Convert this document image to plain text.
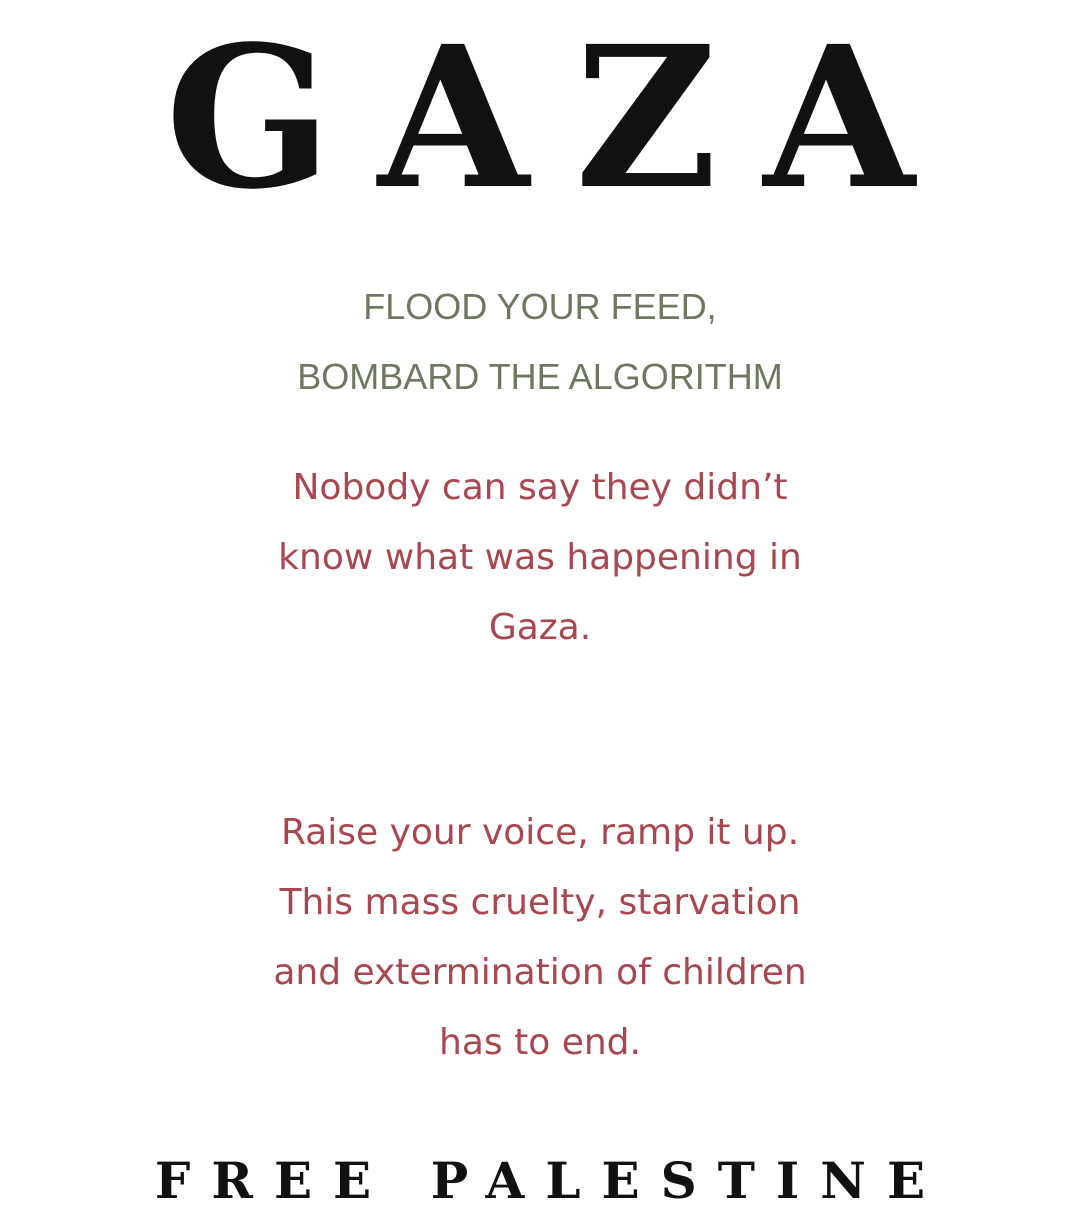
GAZA

FLOOD YOUR FEED,
BOMBARD THE ALGORITHM

Nobody can say they didn’t
know what was happening in
Gaza.

Raise your voice, ramp it up.
This mass cruelty, starvation
and extermination of children
has to end.

FREE PALESTINE
